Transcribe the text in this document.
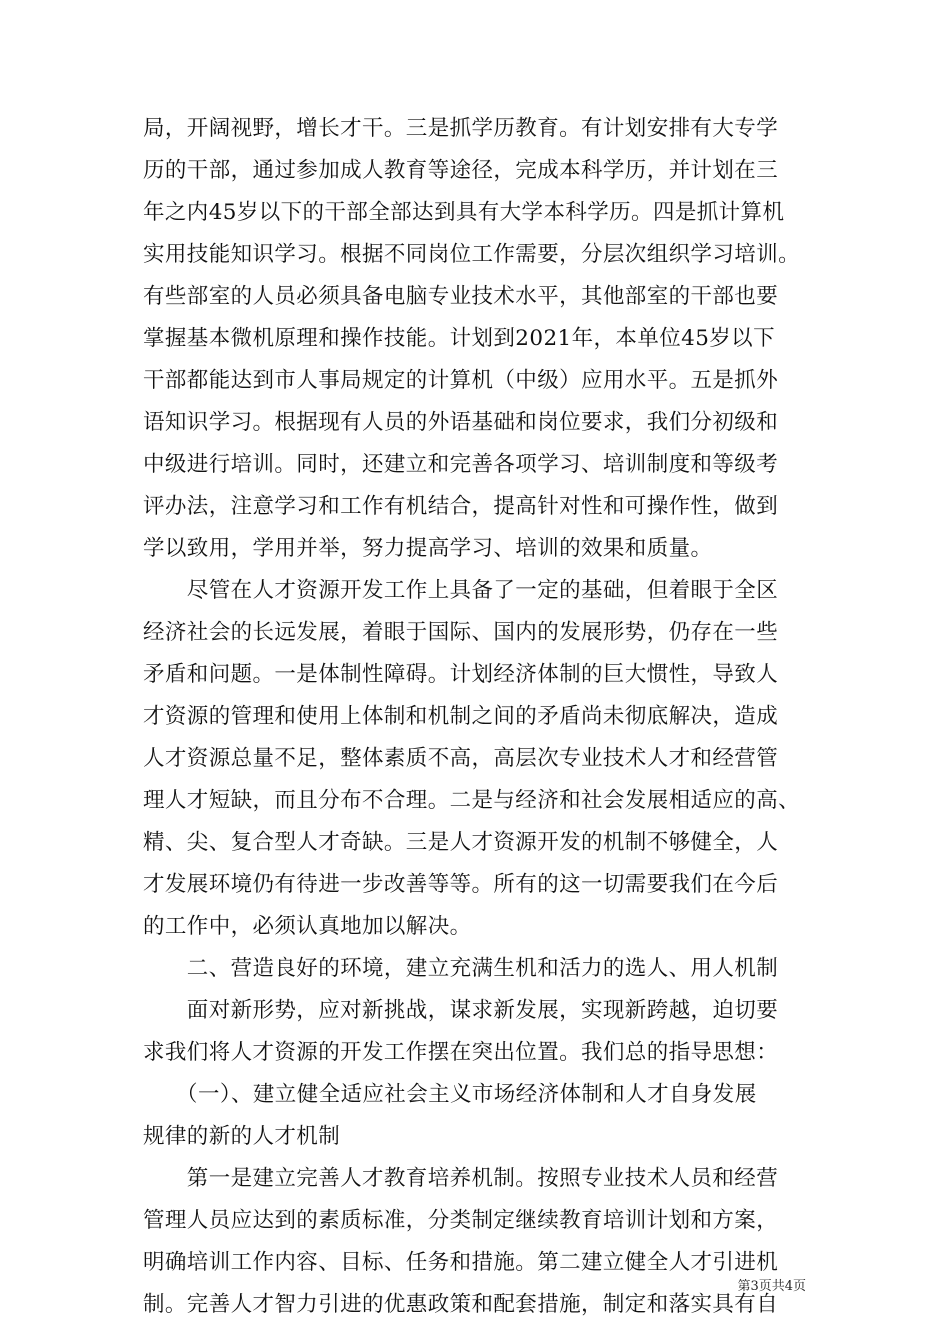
局，开阔视野，增长才干。三是抓学历教育。有计划安排有大专学
历的干部，通过参加成人教育等途径，完成本科学历，并计划在三
年之内45岁以下的干部全部达到具有大学本科学历。四是抓计算机
实用技能知识学习。根据不同岗位工作需要，分层次组织学习培训。
有些部室的人员必须具备电脑专业技术水平，其他部室的干部也要
掌握基本微机原理和操作技能。计划到2021年，本单位45岁以下
干部都能达到市人事局规定的计算机（中级）应用水平。五是抓外
语知识学习。根据现有人员的外语基础和岗位要求，我们分初级和
中级进行培训。同时，还建立和完善各项学习、培训制度和等级考
评办法，注意学习和工作有机结合，提高针对性和可操作性，做到
学以致用，学用并举，努力提高学习、培训的效果和质量。
　　尽管在人才资源开发工作上具备了一定的基础，但着眼于全区
经济社会的长远发展，着眼于国际、国内的发展形势，仍存在一些
矛盾和问题。一是体制性障碍。计划经济体制的巨大惯性，导致人
才资源的管理和使用上体制和机制之间的矛盾尚未彻底解决，造成
人才资源总量不足，整体素质不高，高层次专业技术人才和经营管
理人才短缺，而且分布不合理。二是与经济和社会发展相适应的高、
精、尖、复合型人才奇缺。三是人才资源开发的机制不够健全，人
才发展环境仍有待进一步改善等等。所有的这一切需要我们在今后
的工作中，必须认真地加以解决。
　　二、营造良好的环境，建立充满生机和活力的选人、用人机制
　　面对新形势，应对新挑战，谋求新发展，实现新跨越，迫切要
求我们将人才资源的开发工作摆在突出位置。我们总的指导思想：
　　（一）、建立健全适应社会主义市场经济体制和人才自身发展
规律的新的人才机制
　　第一是建立完善人才教育培养机制。按照专业技术人员和经营
管理人员应达到的素质标准，分类制定继续教育培训计划和方案，
明确培训工作内容、目标、任务和措施。第二建立健全人才引进机
制。完善人才智力引进的优惠政策和配套措施，制定和落实具有自
第3页共4页
